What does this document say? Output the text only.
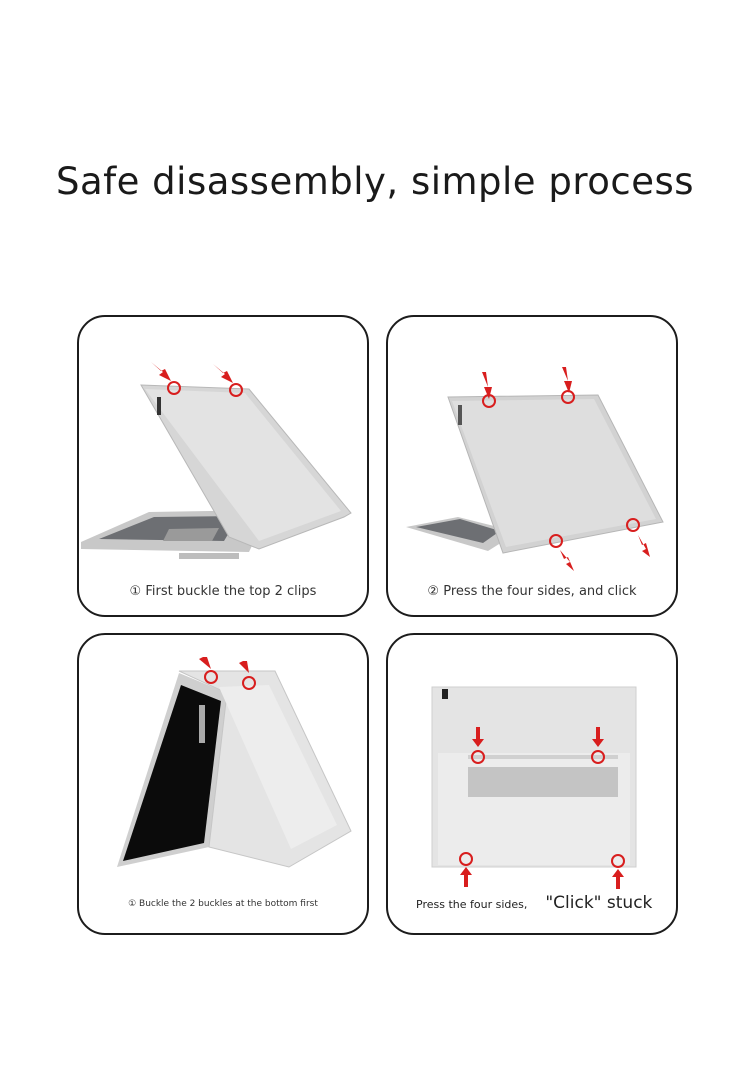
Safe disassembly, simple process
① First buckle the top 2 clips	② Press the four sides, and click
① Buckle the 2 buckles at the bottom first	Press the four sides, "Click" stuck
